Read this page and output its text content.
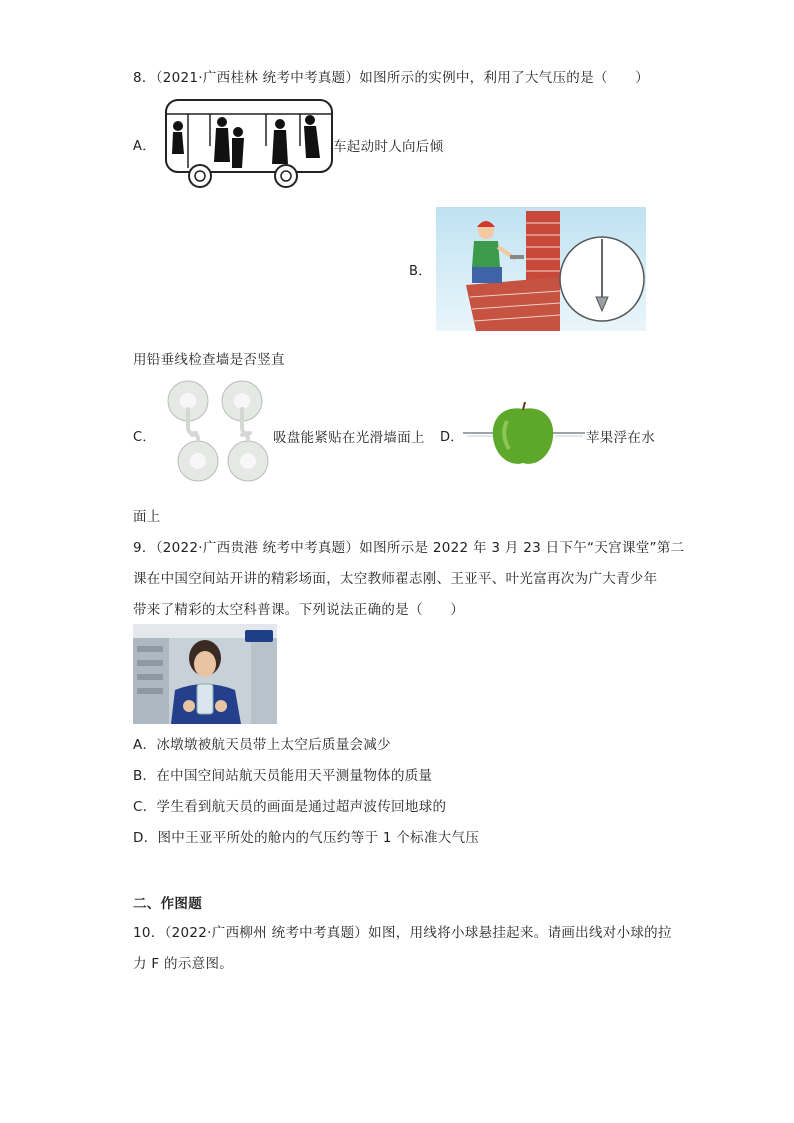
8．（2021·广西桂林 统考中考真题）如图所示的实例中，利用了大气压的是（　　）
A．	车起动时人向后倾
B．
用铅垂线检查墙是否竖直
C．	吸盘能紧贴在光滑墙面上 D．	苹果浮在水
面上
9．（2022·广西贵港 统考中考真题）如图所示是 2022 年 3 月 23 日下午“天宫课堂”第二
课在中国空间站开讲的精彩场面，太空教师翟志刚、王亚平、叶光富再次为广大青少年
带来了精彩的太空科普课。下列说法正确的是（　　）
A．冰墩墩被航天员带上太空后质量会减少
B．在中国空间站航天员能用天平测量物体的质量
C．学生看到航天员的画面是通过超声波传回地球的
D．图中王亚平所处的舱内的气压约等于 1 个标准大气压
二、作图题
10．（2022·广西柳州 统考中考真题）如图，用线将小球悬挂起来。请画出线对小球的拉
力 F 的示意图。
